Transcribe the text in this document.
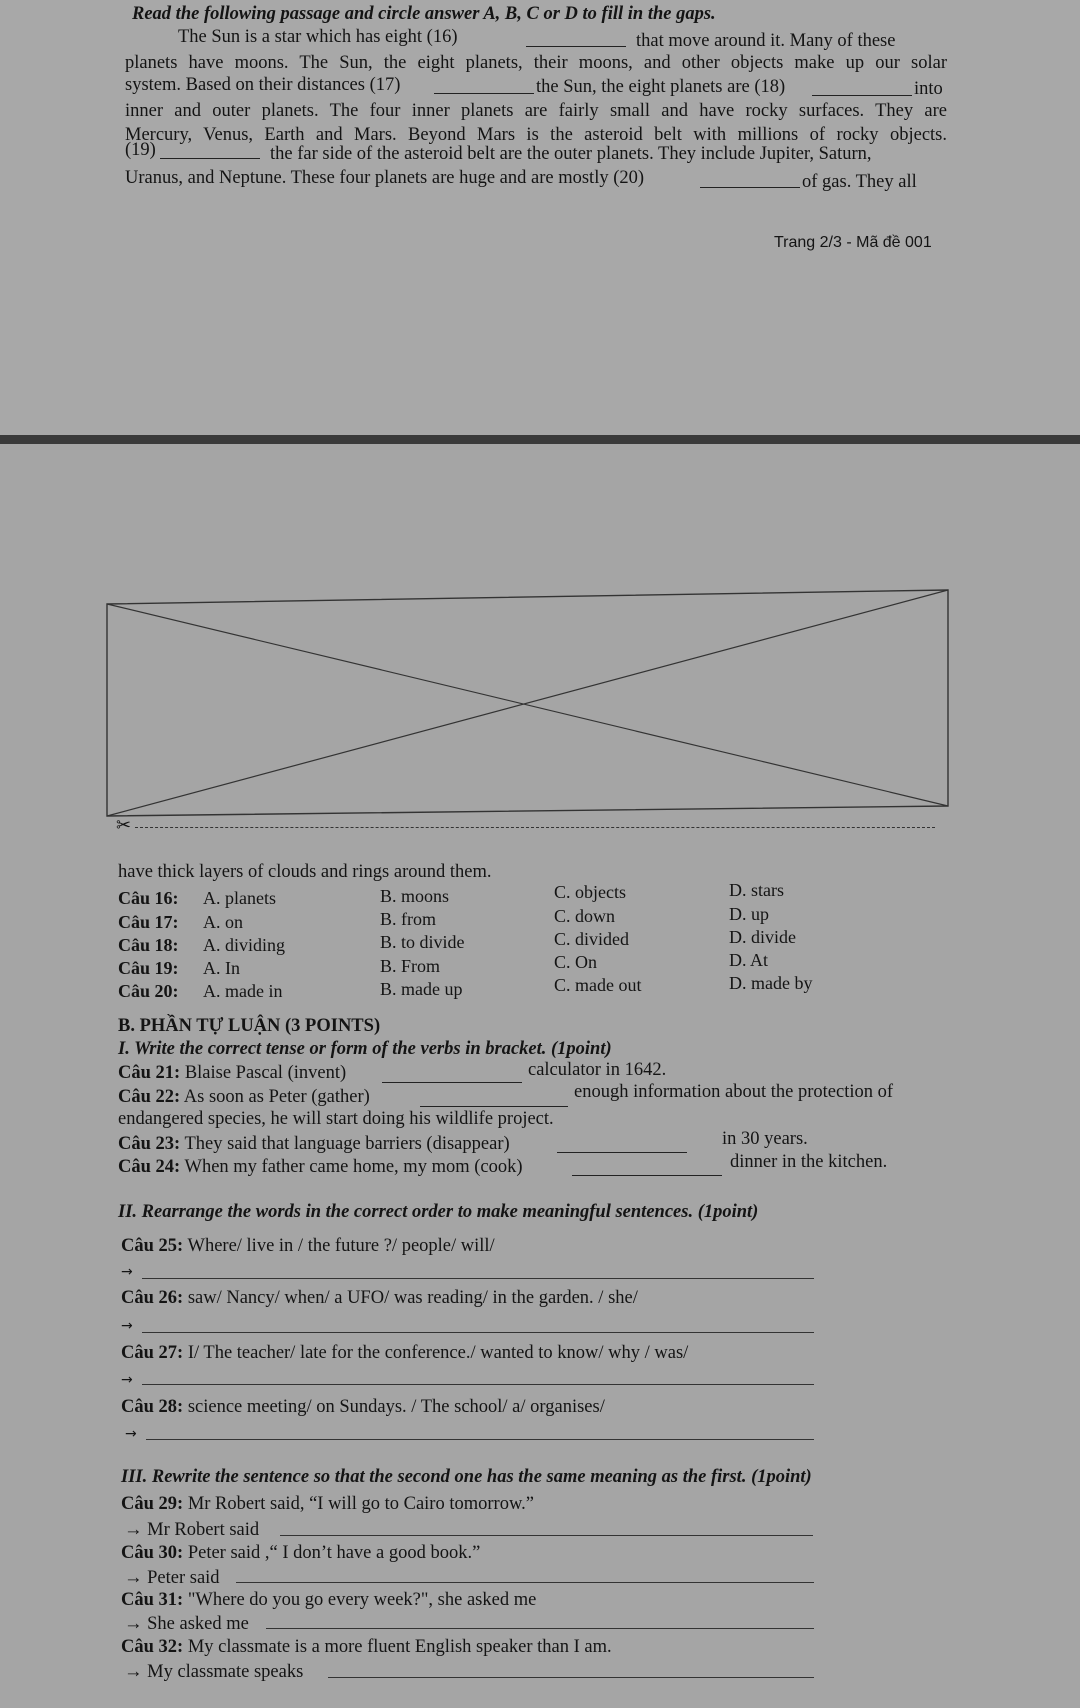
Read the following passage and circle answer A, B, C or D to fill in the gaps.
The Sun is a star which has eight (16)	that move around it. Many of these
planets have moons. The Sun, the eight planets, their moons, and other objects make up our solar
system. Based on their distances (17)	the Sun, the eight planets are (18)	into
inner and outer planets. The four inner planets are fairly small and have rocky surfaces. They are
Mercury, Venus, Earth and Mars. Beyond Mars is the asteroid belt with millions of rocky objects.
(19)	the far side of the asteroid belt are the outer planets. They include Jupiter, Saturn,
Uranus, and Neptune. These four planets are huge and are mostly (20)	of gas. They all
Trang 2/3 - Mã đề 001
✂
have thick layers of clouds and rings around them.
Câu 16: A. planets	B. moons	C. objects	D. stars
Câu 17: A. on	B. from	C. down	D. up
Câu 18: A. dividing	B. to divide	C. divided	D. divide
Câu 19: A. In	B. From	C. On	D. At
Câu 20: A. made in	B. made up	C. made out	D. made by
B. PHẦN TỰ LUẬN (3 POINTS)
I. Write the correct tense or form of the verbs in bracket. (1point)
Câu 21: Blaise Pascal (invent)	calculator in 1642.
Câu 22: As soon as Peter (gather)	enough information about the protection of
endangered species, he will start doing his wildlife project.
Câu 23: They said that language barriers (disappear)	in 30 years.
Câu 24: When my father came home, my mom (cook)	dinner in the kitchen.
II. Rearrange the words in the correct order to make meaningful sentences. (1point)
Câu 25: Where/ live in / the future ?/ people/ will/
→
Câu 26: saw/ Nancy/ when/ a UFO/ was reading/ in the garden. / she/
→
Câu 27: I/ The teacher/ late for the conference./ wanted to know/ why / was/
→
Câu 28: science meeting/ on Sundays. / The school/ a/ organises/
→
III. Rewrite the sentence so that the second one has the same meaning as the first. (1point)
Câu 29: Mr Robert said, “I will go to Cairo tomorrow.”
→ Mr Robert said
Câu 30: Peter said ,“ I don’t have a good book.”
→ Peter said
Câu 31: "Where do you go every week?", she asked me
→ She asked me
Câu 32: My classmate is a more fluent English speaker than I am.
→ My classmate speaks
